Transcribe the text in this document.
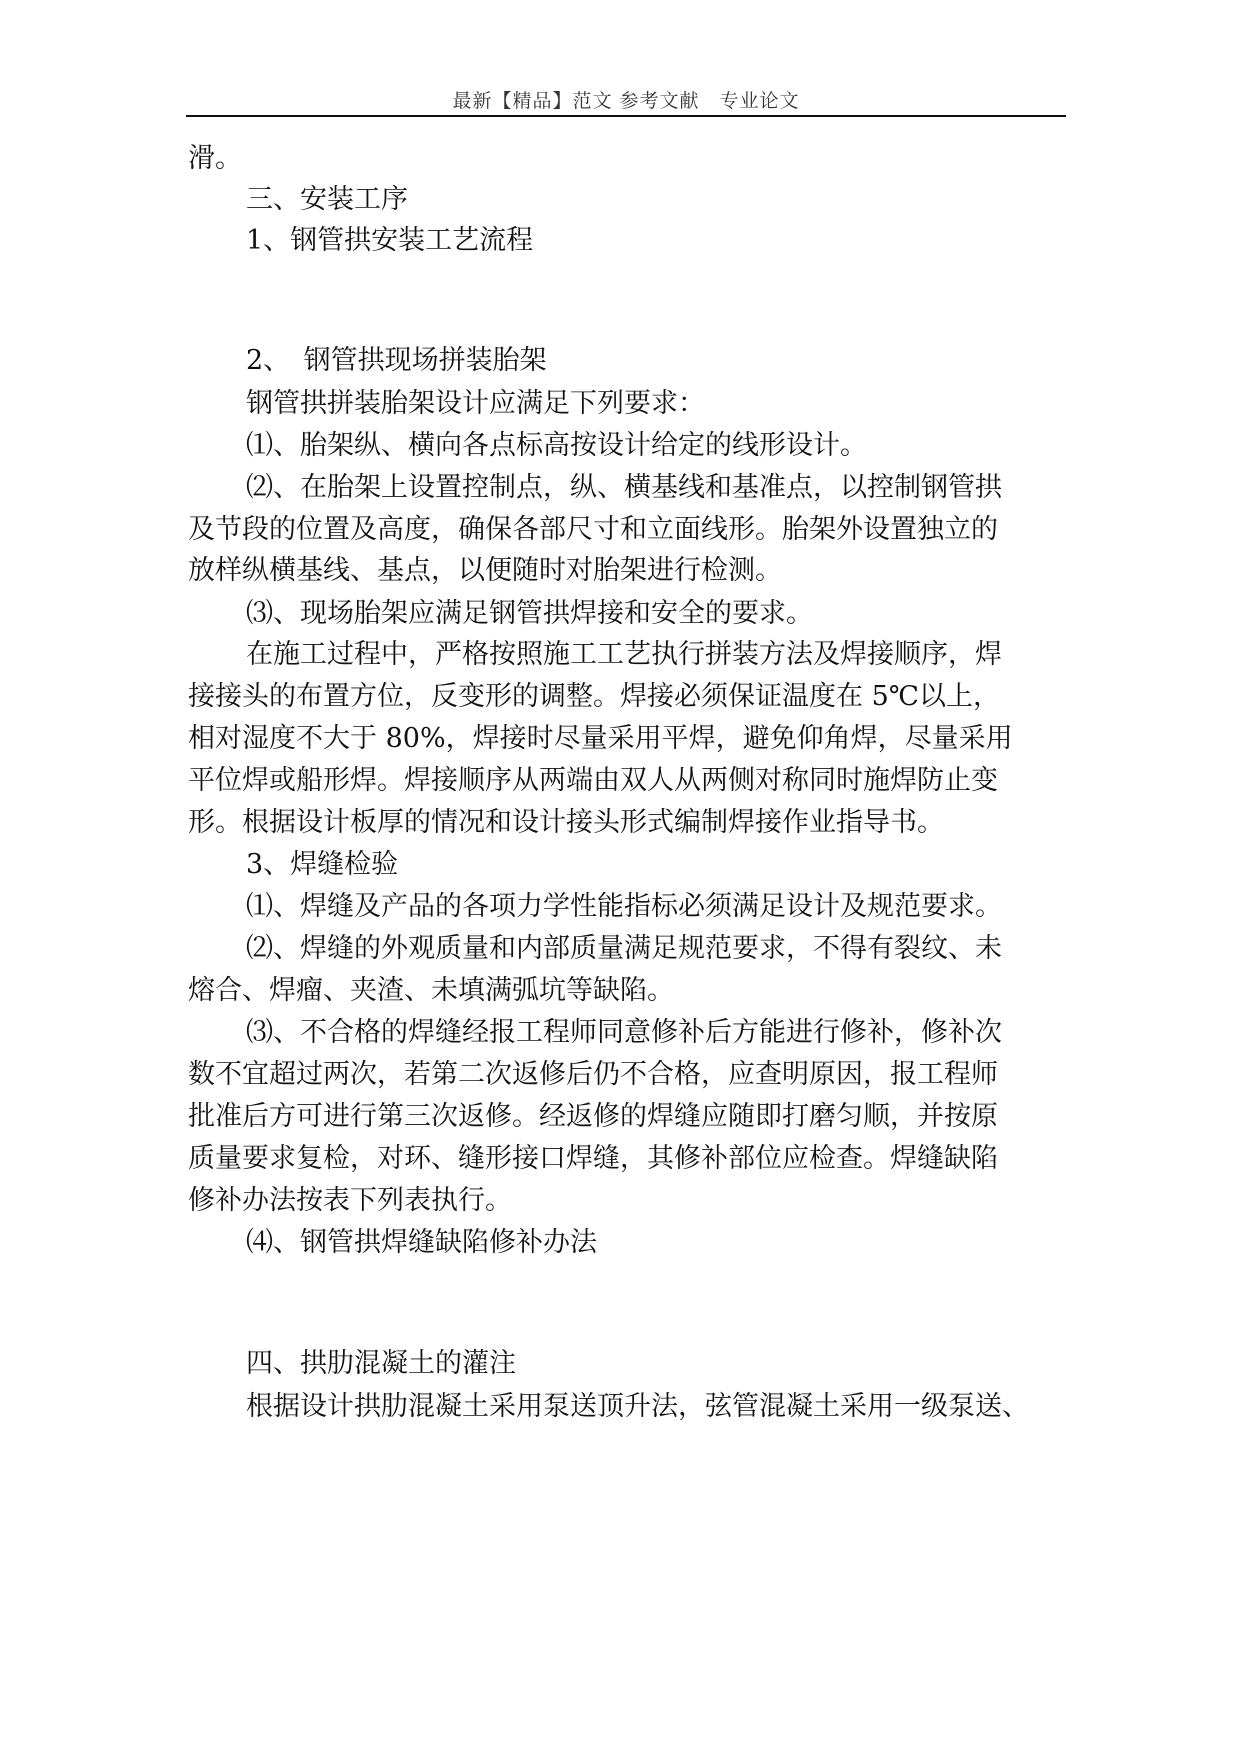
最新【精品】范文 参考文献　专业论文
滑。
三、安装工序
1、钢管拱安装工艺流程
2、　钢管拱现场拼装胎架
钢管拱拼装胎架设计应满足下列要求：
⑴、胎架纵、横向各点标高按设计给定的线形设计。
⑵、在胎架上设置控制点，纵、横基线和基准点，以控制钢管拱
及节段的位置及高度，确保各部尺寸和立面线形。胎架外设置独立的
放样纵横基线、基点，以便随时对胎架进行检测。
⑶、现场胎架应满足钢管拱焊接和安全的要求。
在施工过程中，严格按照施工工艺执行拼装方法及焊接顺序，焊
接接头的布置方位，反变形的调整。焊接必须保证温度在 5℃以上，
相对湿度不大于 80%，焊接时尽量采用平焊，避免仰角焊，尽量采用
平位焊或船形焊。焊接顺序从两端由双人从两侧对称同时施焊防止变
形。根据设计板厚的情况和设计接头形式编制焊接作业指导书。
3、焊缝检验
⑴、焊缝及产品的各项力学性能指标必须满足设计及规范要求。
⑵、焊缝的外观质量和内部质量满足规范要求，不得有裂纹、未
熔合、焊瘤、夹渣、未填满弧坑等缺陷。
⑶、不合格的焊缝经报工程师同意修补后方能进行修补，修补次
数不宜超过两次，若第二次返修后仍不合格，应查明原因，报工程师
批准后方可进行第三次返修。经返修的焊缝应随即打磨匀顺，并按原
质量要求复检，对环、缝形接口焊缝，其修补部位应检查。焊缝缺陷
修补办法按表下列表执行。
⑷、钢管拱焊缝缺陷修补办法
四、拱肋混凝土的灌注
根据设计拱肋混凝土采用泵送顶升法，弦管混凝土采用一级泵送、
